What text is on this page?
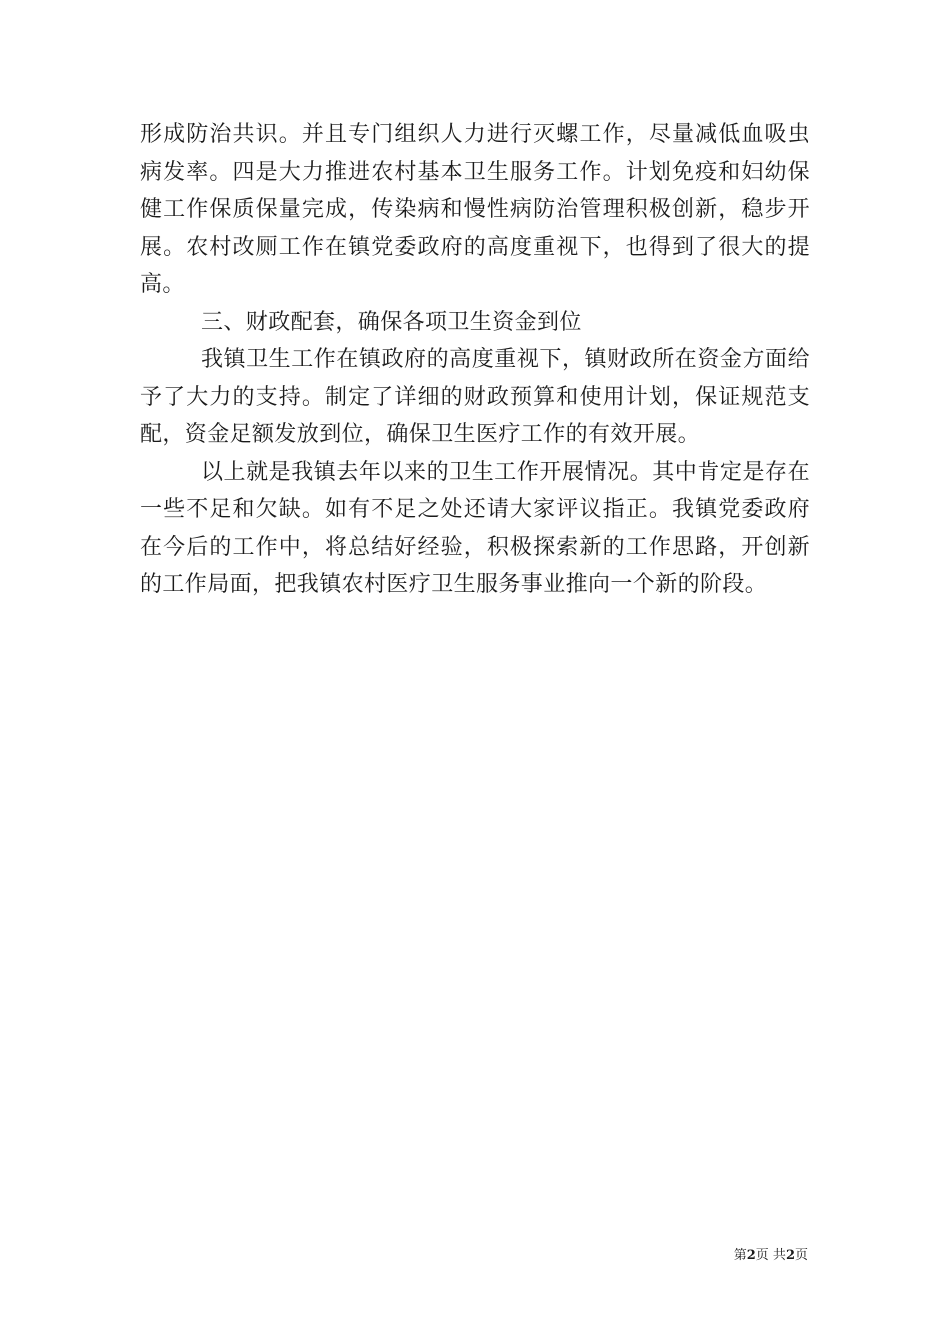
形成防治共识。并且专门组织人力进行灭螺工作，尽量减低血吸虫病发率。四是大力推进农村基本卫生服务工作。计划免疫和妇幼保健工作保质保量完成，传染病和慢性病防治管理积极创新，稳步开展。农村改厕工作在镇党委政府的高度重视下，也得到了很大的提高。

三、财政配套，确保各项卫生资金到位

我镇卫生工作在镇政府的高度重视下，镇财政所在资金方面给予了大力的支持。制定了详细的财政预算和使用计划，保证规范支配，资金足额发放到位，确保卫生医疗工作的有效开展。

以上就是我镇去年以来的卫生工作开展情况。其中肯定是存在一些不足和欠缺。如有不足之处还请大家评议指正。我镇党委政府在今后的工作中，将总结好经验，积极探索新的工作思路，开创新的工作局面，把我镇农村医疗卫生服务事业推向一个新的阶段。

第2页 共2页
